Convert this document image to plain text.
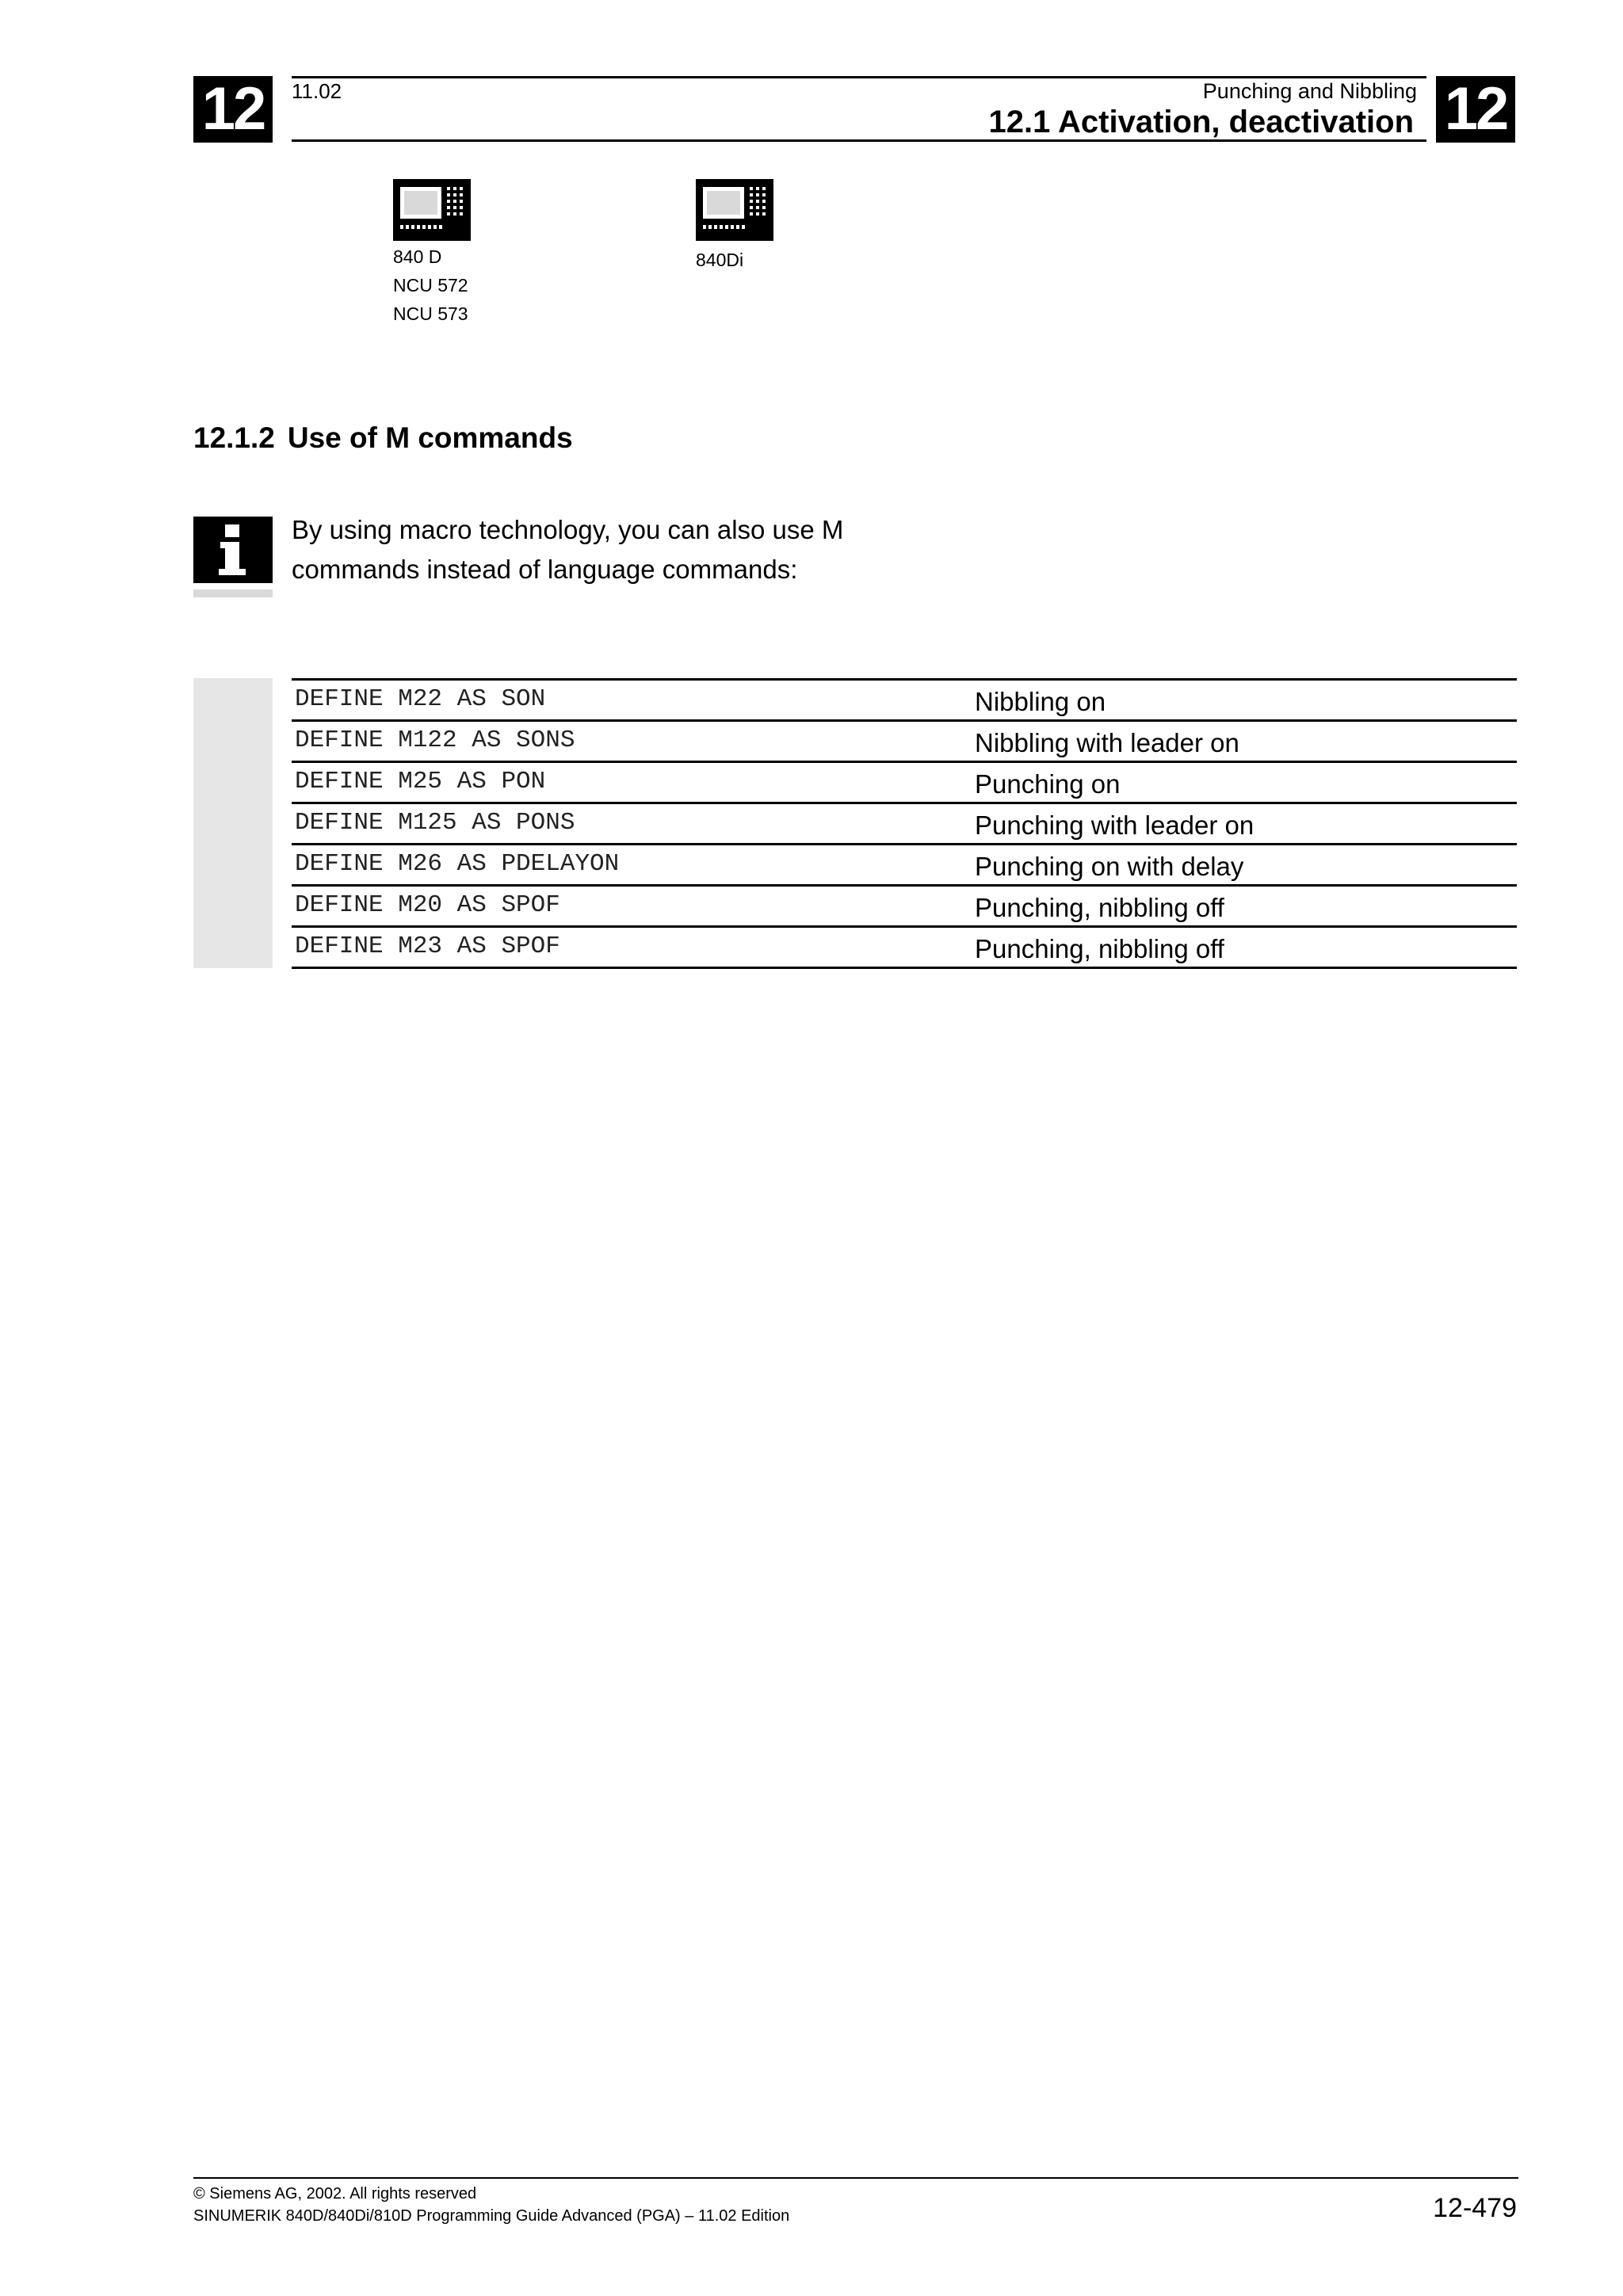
12	11.02	Punching and Nibbling
12.1 Activation, deactivation 12
840 D
NCU 572
NCU 573
840Di
12.1.2 Use of M commands
By using macro technology, you can also use M
commands instead of language commands:
DEFINE M22 AS SON	Nibbling on
DEFINE M122 AS SONS	Nibbling with leader on
DEFINE M25 AS PON	Punching on
DEFINE M125 AS PONS	Punching with leader on
DEFINE M26 AS PDELAYON	Punching on with delay
DEFINE M20 AS SPOF	Punching, nibbling off
DEFINE M23 AS SPOF	Punching, nibbling off
© Siemens AG, 2002. All rights reserved
SINUMERIK 840D/840Di/810D Programming Guide Advanced (PGA) – 11.02 Edition	12-479
